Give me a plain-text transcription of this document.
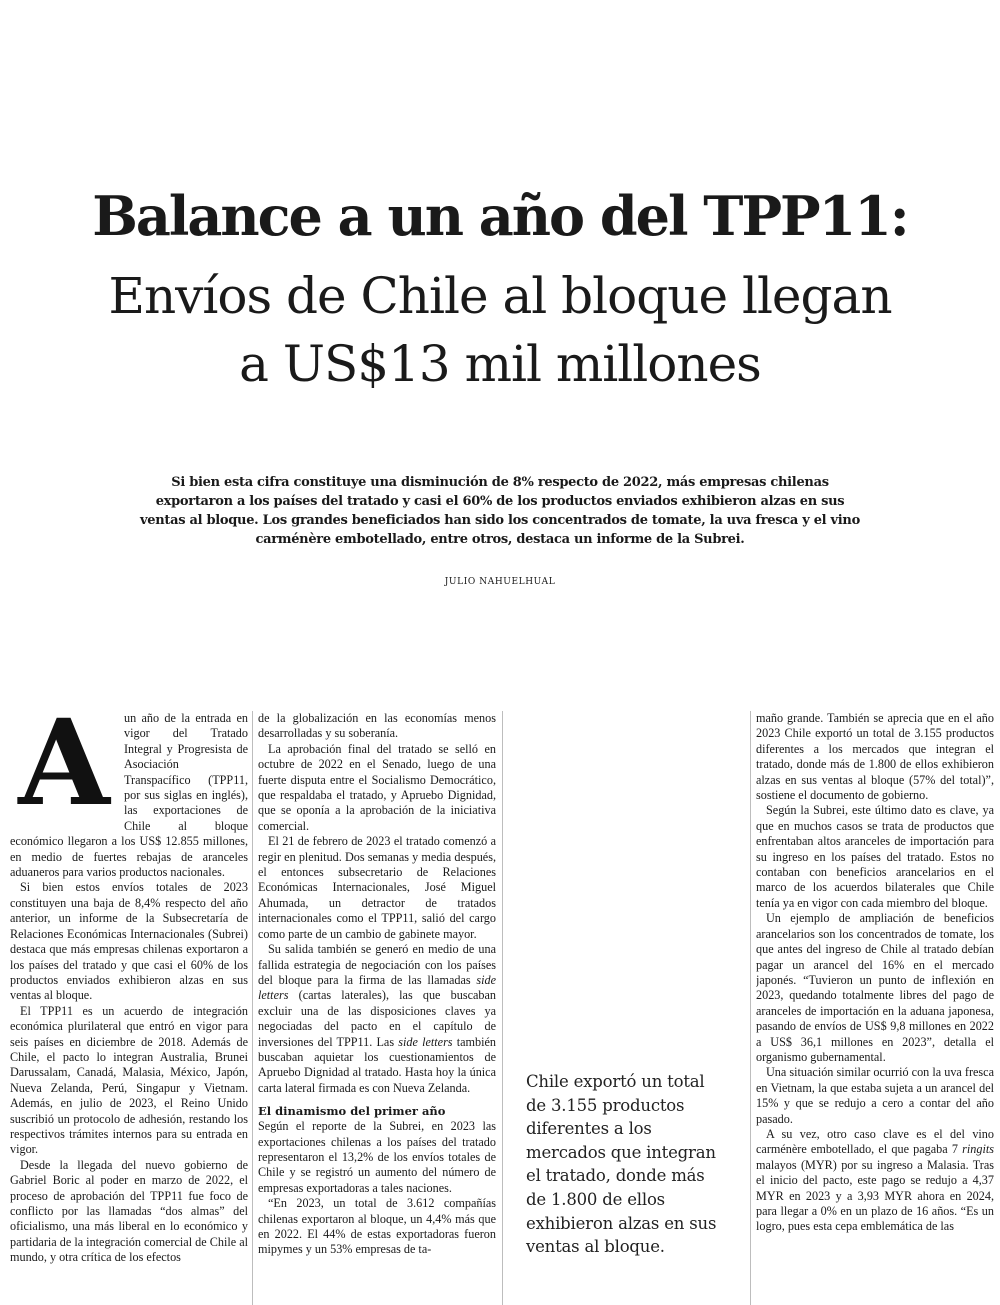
Balance a un año del TPP11:
Envíos de Chile al bloque llegan
a US$13 mil millones
Si bien esta cifra constituye una disminución de 8% respecto de 2022, más empresas chilenas exportaron a los países del tratado y casi el 60% de los productos enviados exhibieron alzas en sus ventas al bloque. Los grandes beneficiados han sido los concentrados de tomate, la uva fresca y el vino carménère embotellado, entre otros, destaca un informe de la Subrei.
JULIO NAHUELHUAL
A	un año de la entrada en vigor del Tratado Integral y Progresista de Asociación Transpacífico (TPP11, por sus siglas en inglés), las exportaciones de Chile al bloque económico llegaron a los US$ 12.855 millones, en medio de fuertes rebajas de aranceles aduaneros para varios productos nacionales.

Si bien estos envíos totales de 2023 constituyen una baja de 8,4% respecto del año anterior, un informe de la Subsecretaría de Relaciones Económicas Internacionales (Subrei) destaca que más empresas chilenas exportaron a los países del tratado y que casi el 60% de los productos enviados exhibieron alzas en sus ventas al bloque.

El TPP11 es un acuerdo de integración económica plurilateral que entró en vigor para seis países en diciembre de 2018. Además de Chile, el pacto lo integran Australia, Brunei Darussalam, Canadá, Malasia, México, Japón, Nueva Zelanda, Perú, Singapur y Vietnam. Además, en julio de 2023, el Reino Unido suscribió un protocolo de adhesión, restando los respectivos trámites internos para su entrada en vigor.

Desde la llegada del nuevo gobierno de Gabriel Boric al poder en marzo de 2022, el proceso de aprobación del TPP11 fue foco de conflicto por las llamadas “dos almas” del oficialismo, una más liberal en lo económico y partidaria de la integración comercial de Chile al mundo, y otra crítica de los efectos

de la globalización en las economías menos desarrolladas y su soberanía.

La aprobación final del tratado se selló en octubre de 2022 en el Senado, luego de una fuerte disputa entre el Socialismo Democrático, que respaldaba el tratado, y Apruebo Dignidad, que se oponía a la aprobación de la iniciativa comercial.

El 21 de febrero de 2023 el tratado comenzó a regir en plenitud. Dos semanas y media después, el entonces subsecretario de Relaciones Económicas Internacionales, José Miguel Ahumada, un detractor de tratados internacionales como el TPP11, salió del cargo como parte de un cambio de gabinete mayor.

Su salida también se generó en medio de una fallida estrategia de negociación con los países del bloque para la firma de las llamadas side letters (cartas laterales), las que buscaban excluir una de las disposiciones claves ya negociadas del pacto en el capítulo de inversiones del TPP11. Las side letters también buscaban aquietar los cuestionamientos de Apruebo Dignidad al tratado. Hasta hoy la única carta lateral firmada es con Nueva Zelanda.

El dinamismo del primer año

Según el reporte de la Subrei, en 2023 las exportaciones chilenas a los países del tratado representaron el 13,2% de los envíos totales de Chile y se registró un aumento del número de empresas exportadoras a tales naciones.

“En 2023, un total de 3.612 compañías chilenas exportaron al bloque, un 4,4% más que en 2022. El 44% de estas exportadoras fueron mipymes y un 53% empresas de ta-

Chile exportó un total de 3.155 productos diferentes a los mercados que integran el tratado, donde más de 1.800 de ellos exhibieron alzas en sus ventas al bloque.

maño grande. También se aprecia que en el año 2023 Chile exportó un total de 3.155 productos diferentes a los mercados que integran el tratado, donde más de 1.800 de ellos exhibieron alzas en sus ventas al bloque (57% del total)”, sostiene el documento de gobierno.

Según la Subrei, este último dato es clave, ya que en muchos casos se trata de productos que enfrentaban altos aranceles de importación para su ingreso en los países del tratado. Estos no contaban con beneficios arancelarios en el marco de los acuerdos bilaterales que Chile tenía ya en vigor con cada miembro del bloque.

Un ejemplo de ampliación de beneficios arancelarios son los concentrados de tomate, los que antes del ingreso de Chile al tratado debían pagar un arancel del 16% en el mercado japonés. “Tuvieron un punto de inflexión en 2023, quedando totalmente libres del pago de aranceles de importación en la aduana japonesa, pasando de envíos de US$ 9,8 millones en 2022 a US$ 36,1 millones en 2023”, detalla el organismo gubernamental.

Una situación similar ocurrió con la uva fresca en Vietnam, la que estaba sujeta a un arancel del 15% y que se redujo a cero a contar del año pasado.

A su vez, otro caso clave es el del vino carménère embotellado, el que pagaba 7 ringits malayos (MYR) por su ingreso a Malasia. Tras el inicio del pacto, este pago se redujo a 4,37 MYR en 2023 y a 3,93 MYR ahora en 2024, para llegar a 0% en un plazo de 16 años. “Es un logro, pues esta cepa emblemática de las
